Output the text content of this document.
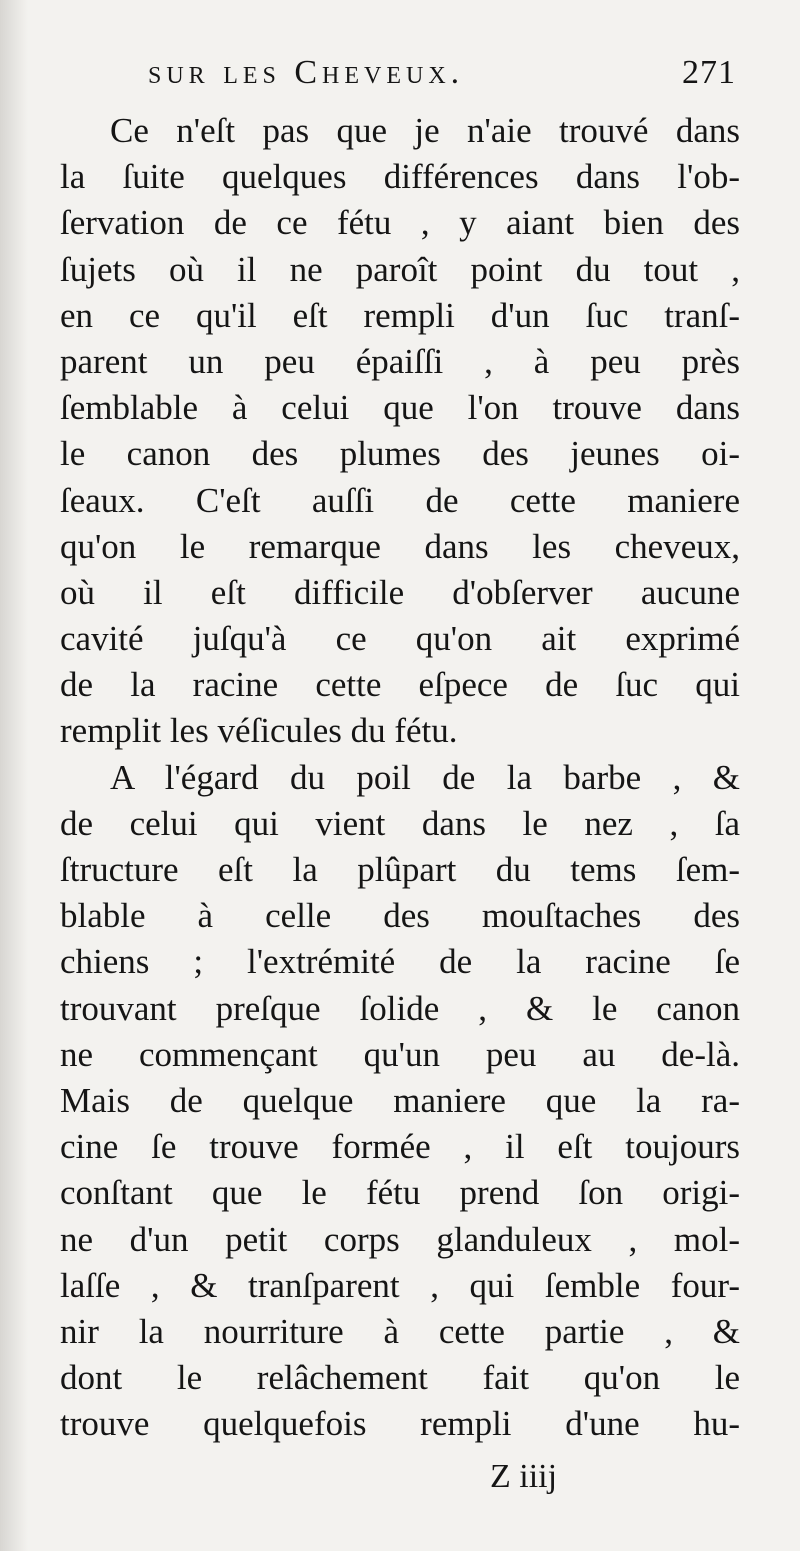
sur les Cheveux.	271
Ce n'eſt pas que je n'aie trouvé dans
la ſuite quelques différences dans l'ob-
ſervation de ce fétu , y aiant bien des
ſujets où il ne paroît point du tout ,
en ce qu'il eſt rempli d'un ſuc tranſ-
parent un peu épaiſſi , à peu près
ſemblable à celui que l'on trouve dans
le canon des plumes des jeunes oi-
ſeaux. C'eſt auſſi de cette maniere
qu'on le remarque dans les cheveux,
où il eſt difficile d'obſerver aucune
cavité juſqu'à ce qu'on ait exprimé
de la racine cette eſpece de ſuc qui
remplit les véſicules du fétu.
A l'égard du poil de la barbe , &
de celui qui vient dans le nez , ſa
ſtructure eſt la plûpart du tems ſem-
blable à celle des mouſtaches des
chiens ; l'extrémité de la racine ſe
trouvant preſque ſolide , & le canon
ne commençant qu'un peu au de-là.
Mais de quelque maniere que la ra-
cine ſe trouve formée , il eſt toujours
conſtant que le fétu prend ſon origi-
ne d'un petit corps glanduleux , mol-
laſſe , & tranſparent , qui ſemble four-
nir la nourriture à cette partie , &
dont le relâchement fait qu'on le
trouve quelquefois rempli d'une hu-
Z iiij
